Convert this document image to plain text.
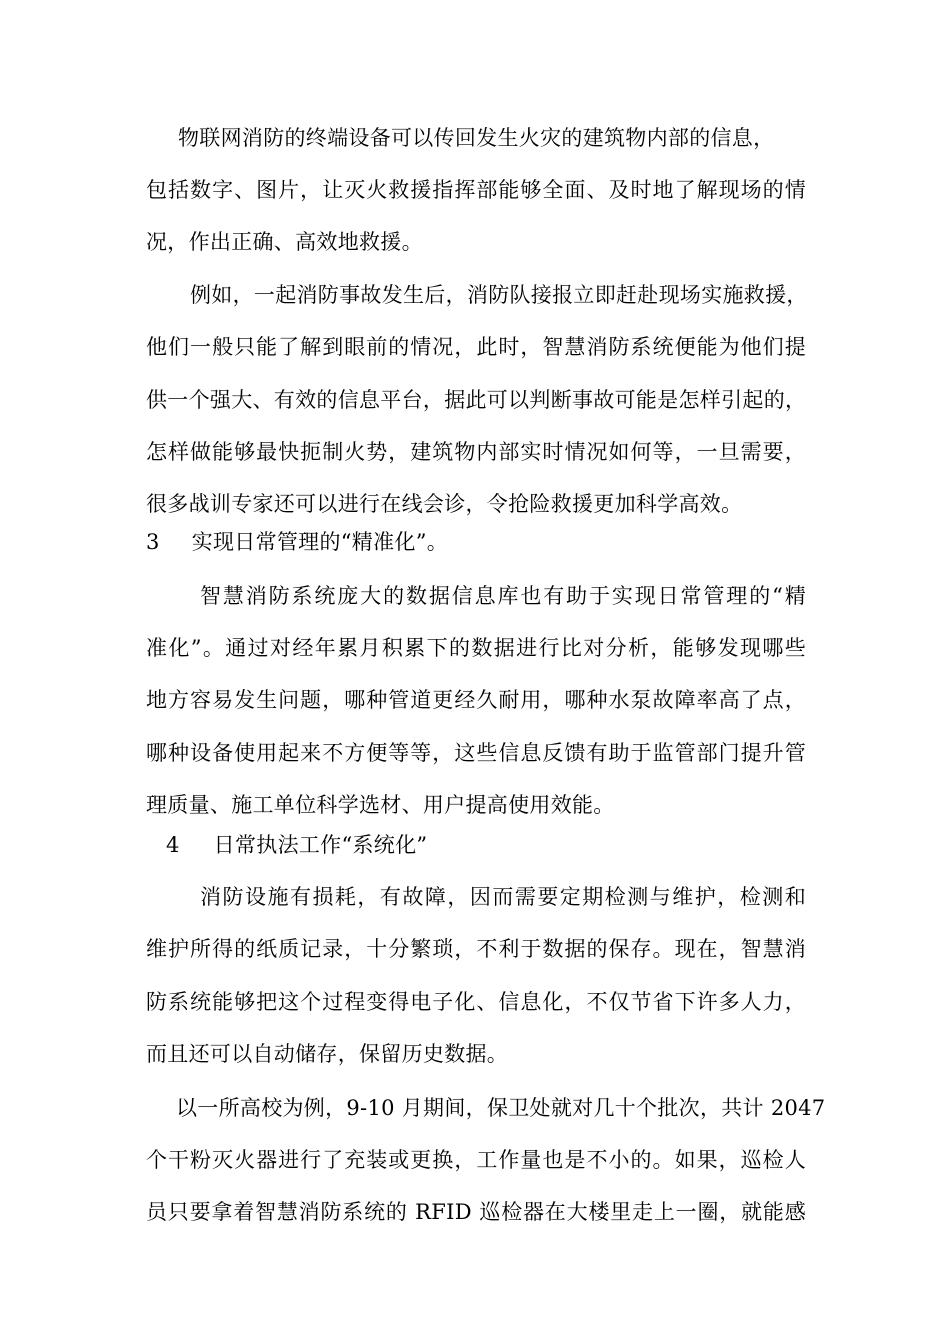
物联网消防的终端设备可以传回发生火灾的建筑物内部的信息，
包括数字、图片，让灭火救援指挥部能够全面、及时地了解现场的情
况，作出正确、高效地救援。
例如，一起消防事故发生后，消防队接报立即赶赴现场实施救援，
他们一般只能了解到眼前的情况，此时，智慧消防系统便能为他们提
供一个强大、有效的信息平台，据此可以判断事故可能是怎样引起的，
怎样做能够最快扼制火势，建筑物内部实时情况如何等，一旦需要，
很多战训专家还可以进行在线会诊，令抢险救援更加科学高效。
3 实现日常管理的“精准化”。
智慧消防系统庞大的数据信息库也有助于实现日常管理的“精
准化”。通过对经年累月积累下的数据进行比对分析，能够发现哪些
地方容易发生问题，哪种管道更经久耐用，哪种水泵故障率高了点，
哪种设备使用起来不方便等等，这些信息反馈有助于监管部门提升管
理质量、施工单位科学选材、用户提高使用效能。
4 日常执法工作“系统化”
消防设施有损耗，有故障，因而需要定期检测与维护，检测和
维护所得的纸质记录，十分繁琐，不利于数据的保存。现在，智慧消
防系统能够把这个过程变得电子化、信息化，不仅节省下许多人力，
而且还可以自动储存，保留历史数据。
以一所高校为例，9-10 月期间，保卫处就对几十个批次，共计 2047
个干粉灭火器进行了充装或更换，工作量也是不小的。如果，巡检人
员只要拿着智慧消防系统的 RFID 巡检器在大楼里走上一圈，就能感
